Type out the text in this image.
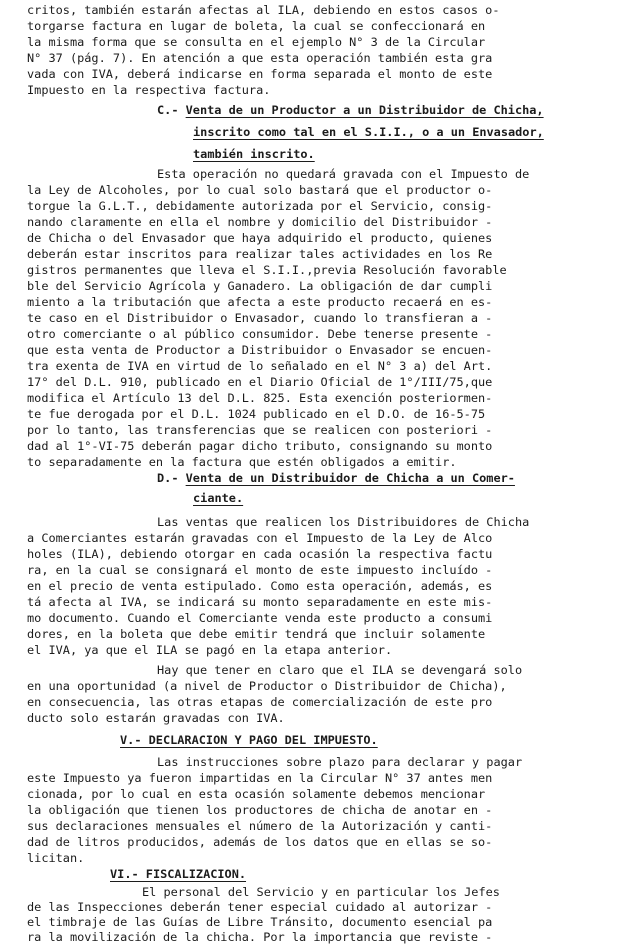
critos, también estarán afectas al ILA, debiendo en estos casos o-
torgarse factura en lugar de boleta, la cual se confeccionará en
la misma forma que se consulta en el ejemplo N° 3 de la Circular
N° 37 (pág. 7). En atención a que esta operación también esta gra
vada con IVA, deberá indicarse en forma separada el monto de este
Impuesto en la respectiva factura.
C.- Venta de un Productor a un Distribuidor de Chicha,
inscrito como tal en el S.I.I., o a un Envasador,
también inscrito.
Esta operación no quedará gravada con el Impuesto de
la Ley de Alcoholes, por lo cual solo bastará que el productor o-
torgue la G.L.T., debidamente autorizada por el Servicio, consig-
nando claramente en ella el nombre y domicilio del Distribuidor -
de Chicha o del Envasador que haya adquirido el producto, quienes
deberán estar inscritos para realizar tales actividades en los Re
gistros permanentes que lleva el S.I.I.,previa Resolución favorable
ble del Servicio Agrícola y Ganadero. La obligación de dar cumpli
miento a la tributación que afecta a este producto recaerá en es-
te caso en el Distribuidor o Envasador, cuando lo transfieran a -
otro comerciante o al público consumidor. Debe tenerse presente -
que esta venta de Productor a Distribuidor o Envasador se encuen-
tra exenta de IVA en virtud de lo señalado en el N° 3 a) del Art.
17° del D.L. 910, publicado en el Diario Oficial de 1°/III/75,que
modifica el Artículo 13 del D.L. 825. Esta exención posteriormen-
te fue derogada por el D.L. 1024 publicado en el D.O. de 16-5-75
por lo tanto, las transferencias que se realicen con posteriori -
dad al 1°-VI-75 deberán pagar dicho tributo, consignando su monto
to separadamente en la factura que estén obligados a emitir.
D.- Venta de un Distribuidor de Chicha a un Comer-
ciante.
Las ventas que realicen los Distribuidores de Chicha
a Comerciantes estarán gravadas con el Impuesto de la Ley de Alco
holes (ILA), debiendo otorgar en cada ocasión la respectiva factu
ra, en la cual se consignará el monto de este impuesto incluído -
en el precio de venta estipulado. Como esta operación, además, es
tá afecta al IVA, se indicará su monto separadamente en este mis-
mo documento. Cuando el Comerciante venda este producto a consumi
dores, en la boleta que debe emitir tendrá que incluir solamente
el IVA, ya que el ILA se pagó en la etapa anterior.
Hay que tener en claro que el ILA se devengará solo
en una oportunidad (a nivel de Productor o Distribuidor de Chicha),
en consecuencia, las otras etapas de comercialización de este pro
ducto solo estarán gravadas con IVA.
V.- DECLARACION Y PAGO DEL IMPUESTO.
Las instrucciones sobre plazo para declarar y pagar
este Impuesto ya fueron impartidas en la Circular N° 37 antes men
cionada, por lo cual en esta ocasión solamente debemos mencionar
la obligación que tienen los productores de chicha de anotar en -
sus declaraciones mensuales el número de la Autorización y canti-
dad de litros producidos, además de los datos que en ellas se so-
licitan.
VI.- FISCALIZACION.
El personal del Servicio y en particular los Jefes
de las Inspecciones deberán tener especial cuidado al autorizar -
el timbraje de las Guías de Libre Tránsito, documento esencial pa
ra la movilización de la chicha. Por la importancia que reviste -
